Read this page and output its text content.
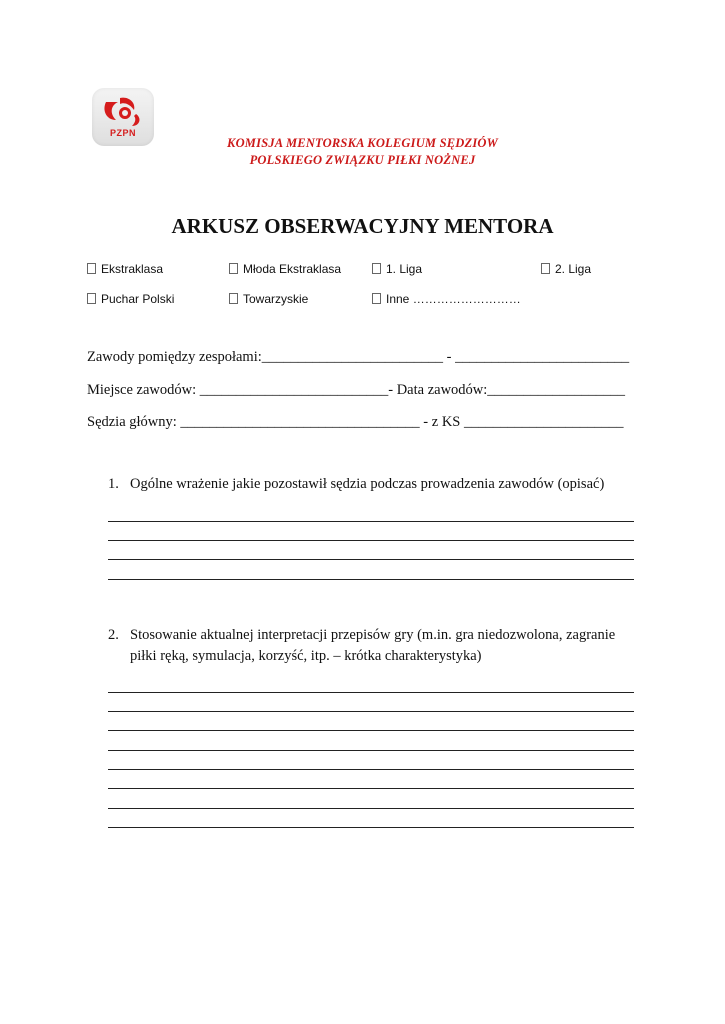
PZPN
KOMISJA MENTORSKA KOLEGIUM SĘDZIÓW
POLSKIEGO ZWIĄZKU PIŁKI NOŻNEJ
ARKUSZ OBSERWACYJNY MENTORA
Ekstraklasa	Młoda Ekstraklasa	1. Liga	2. Liga
Puchar Polski	Towarzyskie	Inne ………………………
Zawody pomiędzy zespołami:_________________________ - ________________________
Miejsce zawodów: __________________________- Data zawodów:___________________
Sędzia główny: _________________________________ - z KS ______________________
1. Ogólne wrażenie jakie pozostawił sędzia podczas prowadzenia zawodów (opisać)
2. Stosowanie aktualnej interpretacji przepisów gry (m.in. gra niedozwolona, zagranie
piłki ręką, symulacja, korzyść, itp. – krótka charakterystyka)
